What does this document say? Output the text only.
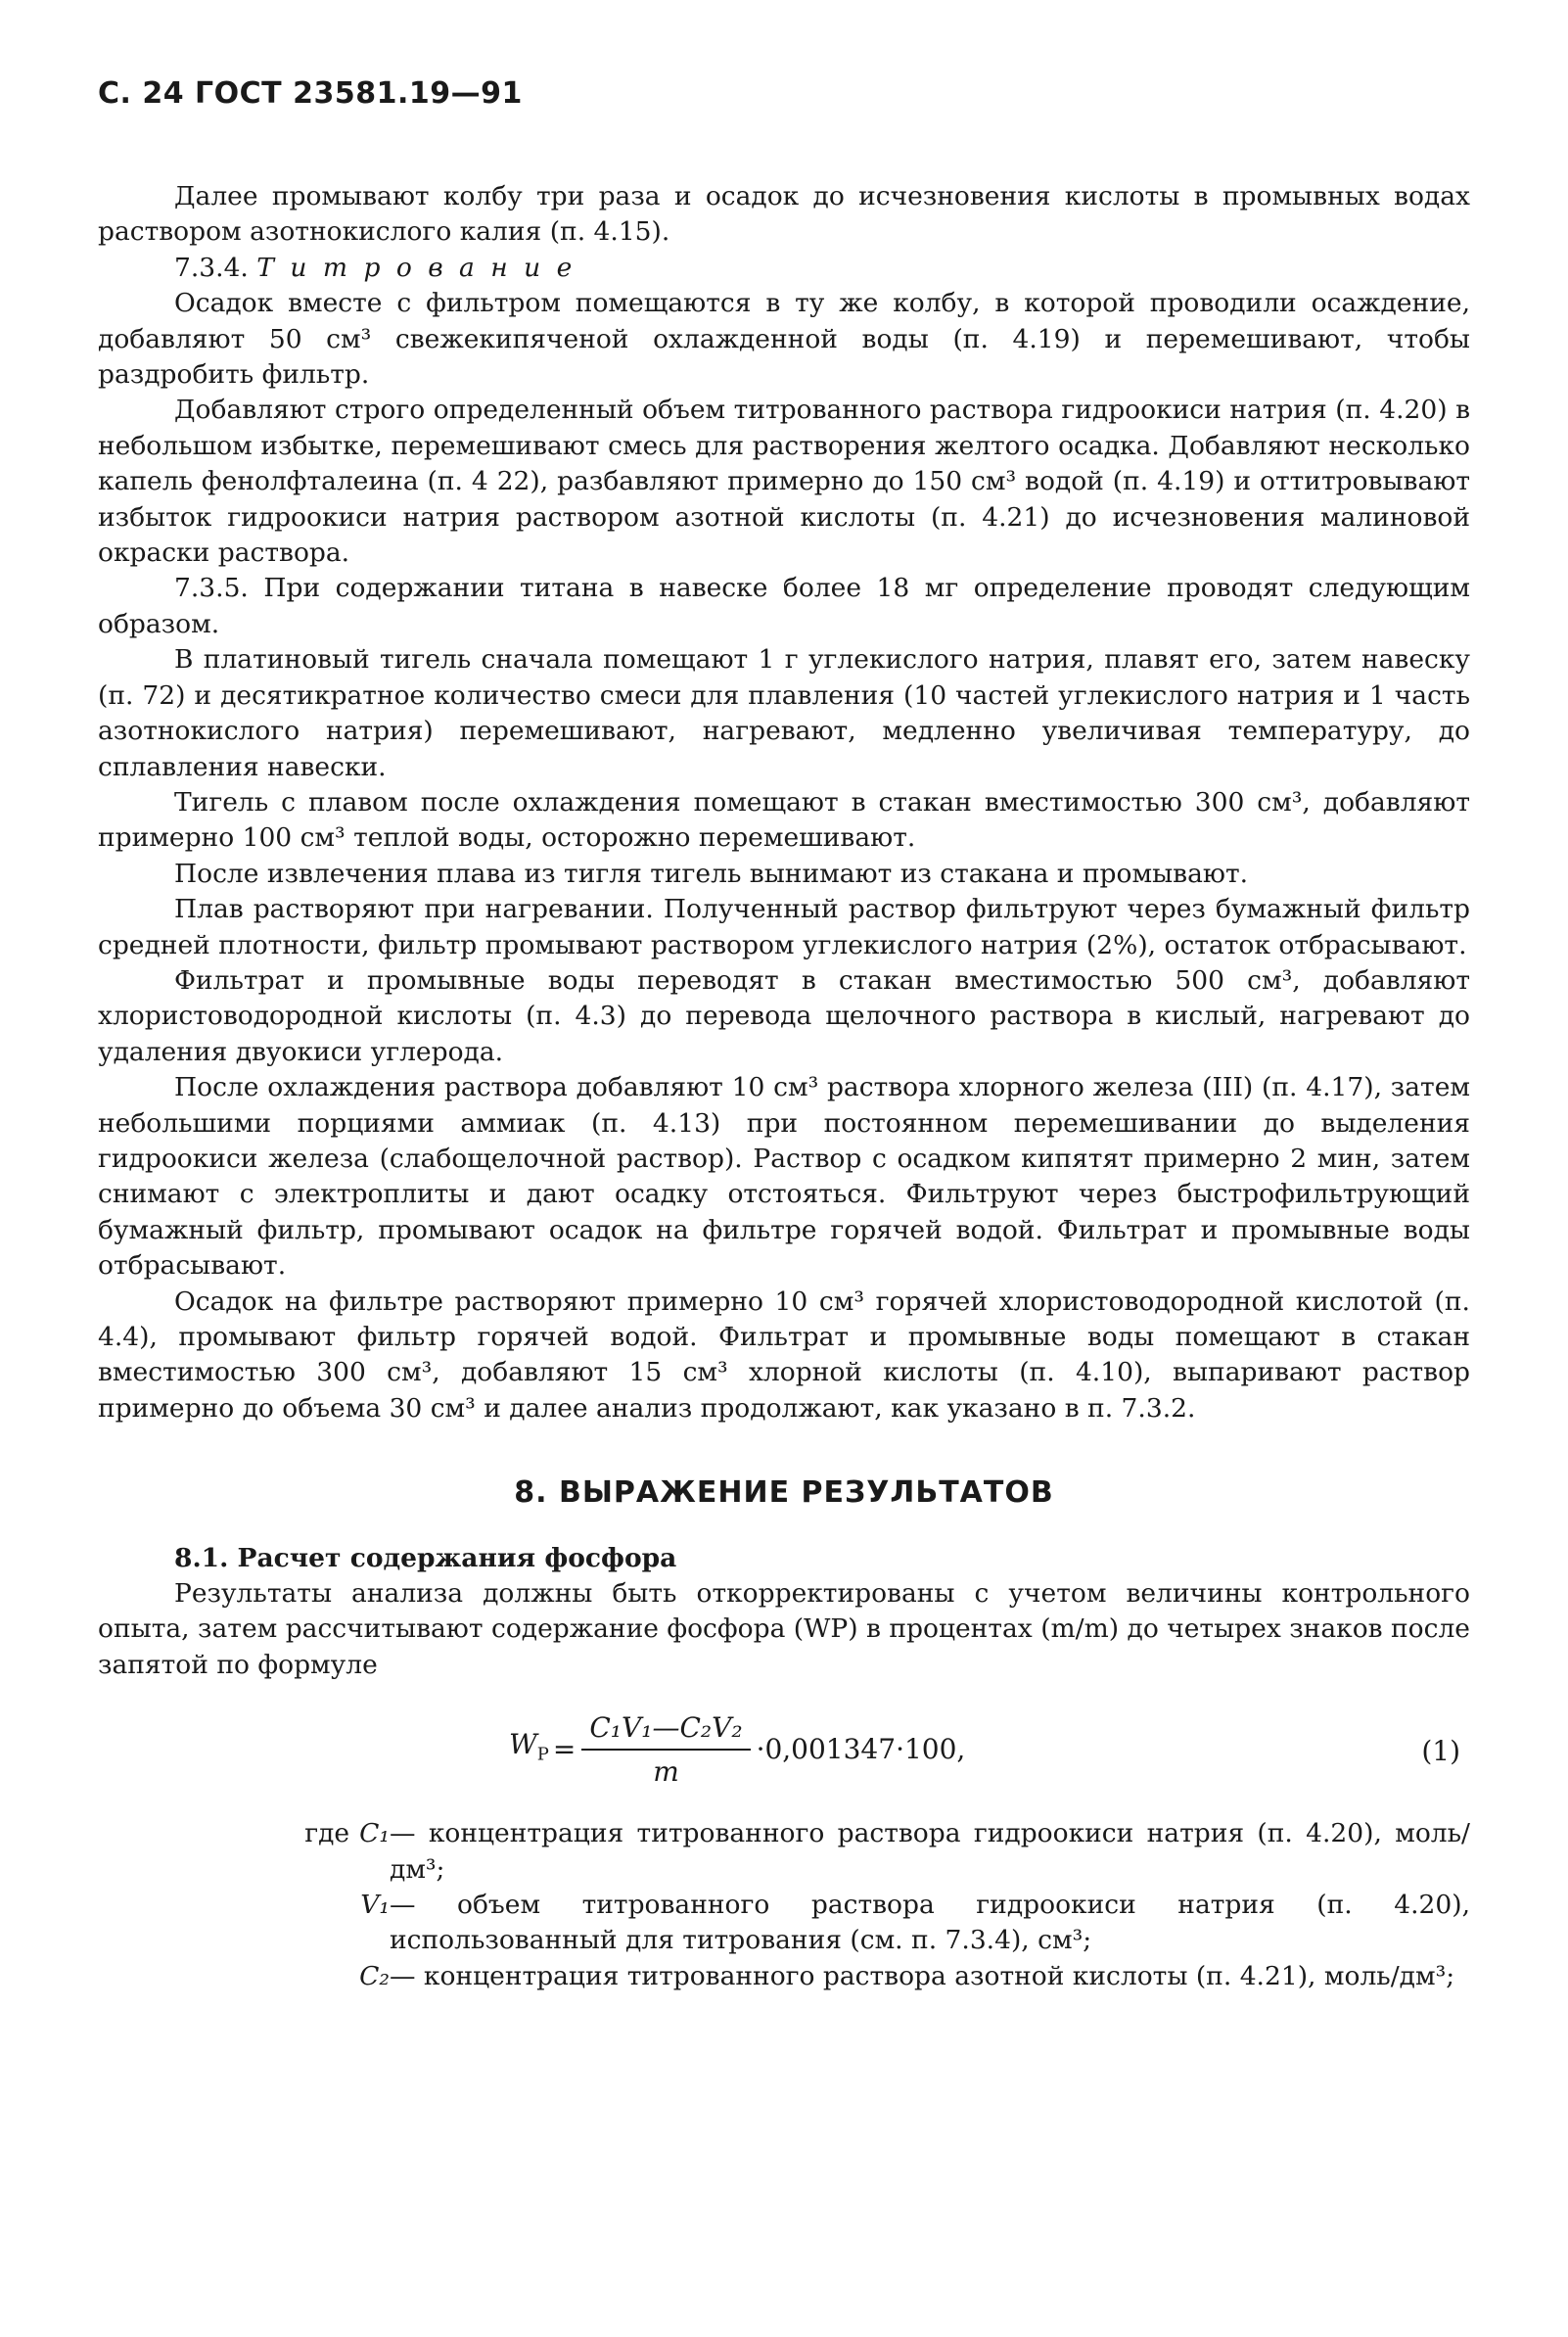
С. 24 ГОСТ 23581.19—91

Далее промывают колбу три раза и осадок до исчезновения кислоты в промывных водах раствором азотнокислого калия (п. 4.15).

7.3.4. Т и т р о в а н и е

Осадок вместе с фильтром помещаются в ту же колбу, в которой проводили осаждение, добавляют 50 см³ свежекипяченой охлажденной воды (п. 4.19) и перемешивают, чтобы раздробить фильтр.

Добавляют строго определенный объем титрованного раствора гидроокиси натрия (п. 4.20) в небольшом избытке, перемешивают смесь для растворения желтого осадка. Добавляют несколько капель фенолфталеина (п. 4 22), разбавляют примерно до 150 см³ водой (п. 4.19) и оттитровывают избыток гидроокиси натрия раствором азотной кислоты (п. 4.21) до исчезновения малиновой окраски раствора.

7.3.5. При содержании титана в навеске более 18 мг определение проводят следующим образом.

В платиновый тигель сначала помещают 1 г углекислого натрия, плавят его, затем навеску (п. 72) и десятикратное количество смеси для плавления (10 частей углекислого натрия и 1 часть азотнокислого натрия) перемешивают, нагревают, медленно увеличивая температуру, до сплавления навески.

Тигель с плавом после охлаждения помещают в стакан вместимостью 300 см³, добавляют примерно 100 см³ теплой воды, осторожно перемешивают.

После извлечения плава из тигля тигель вынимают из стакана и промывают.

Плав растворяют при нагревании. Полученный раствор фильтруют через бумажный фильтр средней плотности, фильтр промывают раствором углекислого натрия (2%), остаток отбрасывают.

Фильтрат и промывные воды переводят в стакан вместимостью 500 см³, добавляют хлористоводородной кислоты (п. 4.3) до перевода щелочного раствора в кислый, нагревают до удаления двуокиси углерода.

После охлаждения раствора добавляют 10 см³ раствора хлорного железа (III) (п. 4.17), затем небольшими порциями аммиак (п. 4.13) при постоянном перемешивании до выделения гидроокиси железа (слабощелочной раствор). Раствор с осадком кипятят примерно 2 мин, затем снимают с электроплиты и дают осадку отстояться. Фильтруют через быстрофильтрующий бумажный фильтр, промывают осадок на фильтре горячей водой. Фильтрат и промывные воды отбрасывают.

Осадок на фильтре растворяют примерно 10 см³ горячей хлористоводородной кислотой (п. 4.4), промывают фильтр горячей водой. Фильтрат и промывные воды помещают в стакан вместимостью 300 см³, добавляют 15 см³ хлорной кислоты (п. 4.10), выпаривают раствор примерно до объема 30 см³ и далее анализ продолжают, как указано в п. 7.3.2.

8. ВЫРАЖЕНИЕ РЕЗУЛЬТАТОВ

8.1. Расчет содержания фосфора

Результаты анализа должны быть откорректированы с учетом величины контрольного опыта, затем рассчитывают содержание фосфора (WP) в процентах (m/m) до четырех знаков после запятой по формуле

$W_P = \frac{\text{C₁V₁—C₂V₂}}{m} \cdot 0,001347\cdot 100$,	(1)
где C₁ — концентрация титрованного раствора гидроокиси натрия (п. 4.20), моль/дм³;
V₁ — объем титрованного раствора гидроокиси натрия (п. 4.20), использованный для титрования (см. п. 7.3.4), см³;
C₂ — концентрация титрованного раствора азотной кислоты (п. 4.21), моль/дм³;
